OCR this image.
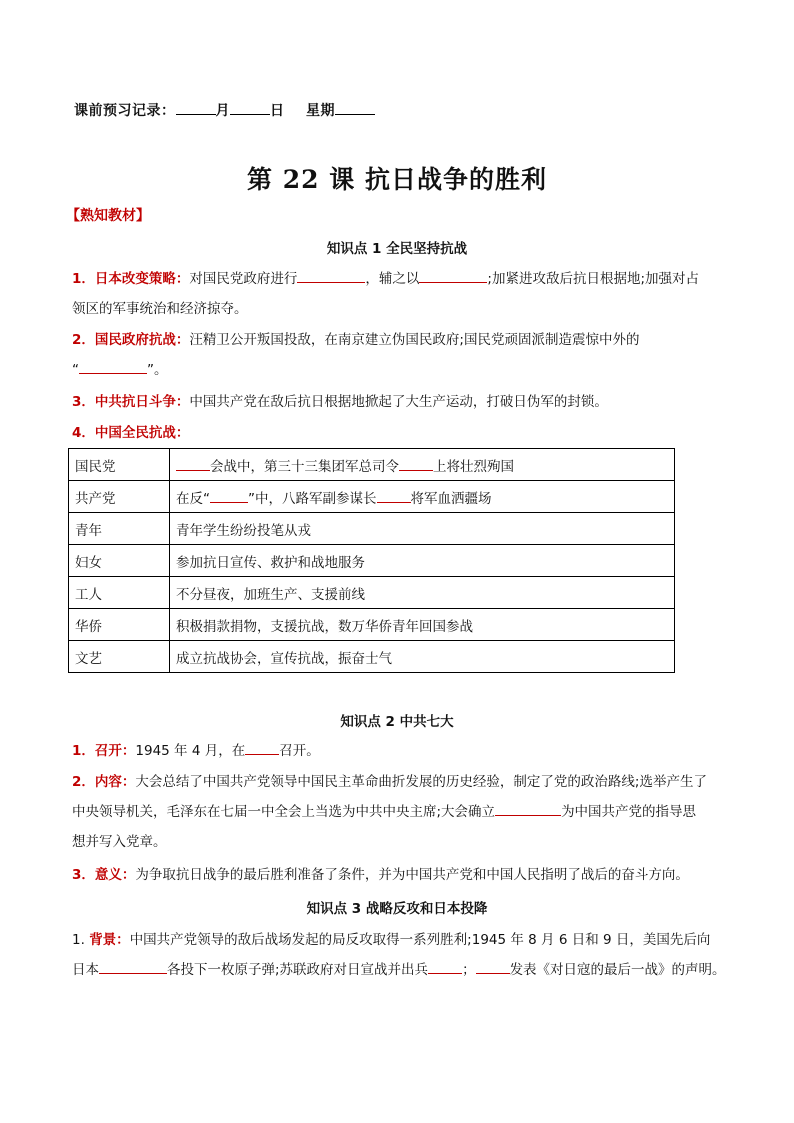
课前预习记录：	月	日 星期
第 22 课 抗日战争的胜利
【熟知教材】
知识点 1 全民坚持抗战
1．日本改变策略：对国民党政府进行	，辅之以	;加紧进攻敌后抗日根据地;加强对占
领区的军事统治和经济掠夺。
2．国民政府抗战：汪精卫公开叛国投敌，在南京建立伪国民政府;国民党顽固派制造震惊中外的
“	”。
3．中共抗日斗争：中国共产党在敌后抗日根据地掀起了大生产运动，打破日伪军的封锁。
4．中国全民抗战：
国民党	会战中，第三十三集团军总司令 上将壮烈殉国
共产党	在反“ ”中，八路军副参谋长 将军血洒疆场
青年	青年学生纷纷投笔从戎
妇女	参加抗日宣传、救护和战地服务
工人	不分昼夜，加班生产、支援前线
华侨	积极捐款捐物，支援抗战，数万华侨青年回国参战
文艺	成立抗战协会，宣传抗战，振奋士气
知识点 2 中共七大
1．召开：1945 年 4 月，在	召开。
2．内容：大会总结了中国共产党领导中国民主革命曲折发展的历史经验，制定了党的政治路线;选举产生了
中央领导机关，毛泽东在七届一中全会上当选为中共中央主席;大会确立	为中国共产党的指导思
想并写入党章。
3．意义：为争取抗日战争的最后胜利准备了条件，并为中国共产党和中国人民指明了战后的奋斗方向。
知识点 3 战略反攻和日本投降
1. 背景：中国共产党领导的敌后战场发起的局反攻取得一系列胜利;1945 年 8 月 6 日和 9 日，美国先后向
日本	各投下一枚原子弹;苏联政府对日宣战并出兵	；	发表《对日寇的最后一战》的声明。
